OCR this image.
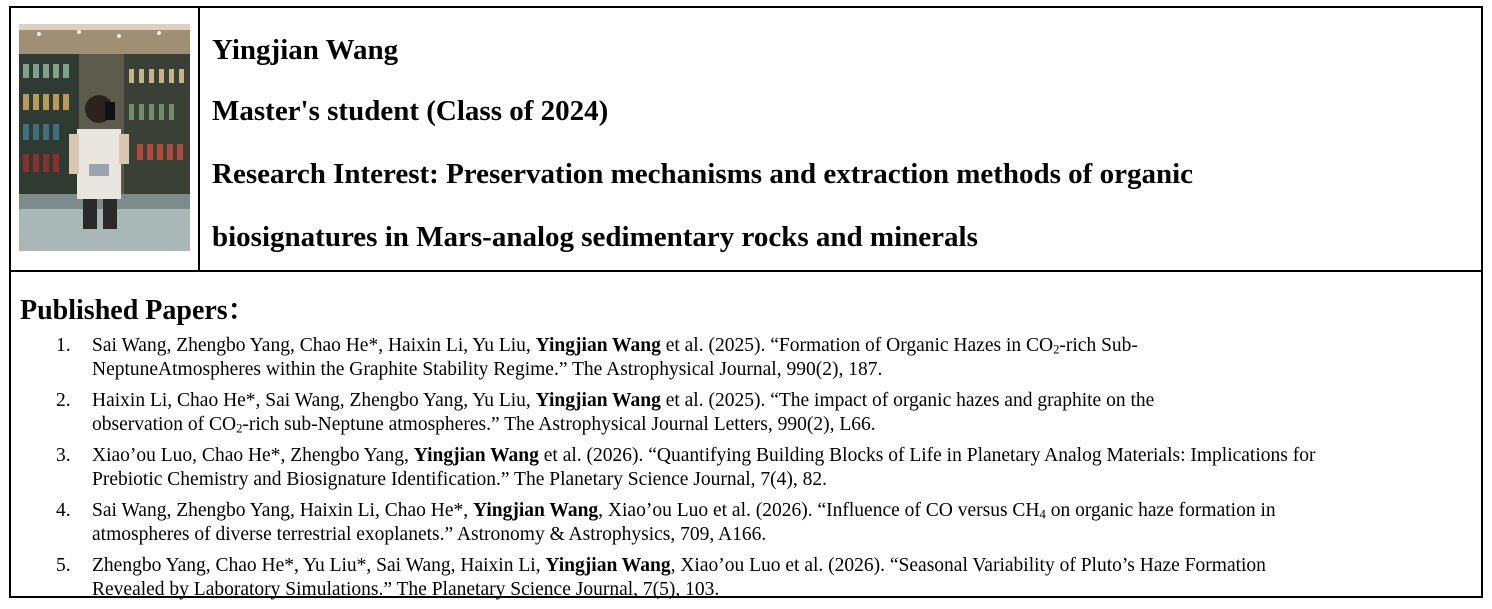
Yingjian Wang
Master's student (Class of 2024)
Research Interest: Preservation mechanisms and extraction methods of organic
biosignatures in Mars-analog sedimentary rocks and minerals
Published Papers：
1. Sai Wang, Zhengbo Yang, Chao He*, Haixin Li, Yu Liu, Yingjian Wang et al. (2025). “Formation of Organic Hazes in $CO_2$-rich Sub-
NeptuneAtmospheres within the Graphite Stability Regime.” The Astrophysical Journal, 990(2), 187.
2. Haixin Li, Chao He*, Sai Wang, Zhengbo Yang, Yu Liu, Yingjian Wang et al. (2025). “The impact of organic hazes and graphite on the
observation of $CO_2$-rich sub-Neptune atmospheres.” The Astrophysical Journal Letters, 990(2), L66.
3. Xiao’ou Luo, Chao He*, Zhengbo Yang, Yingjian Wang et al. (2026). “Quantifying Building Blocks of Life in Planetary Analog Materials: Implications for
Prebiotic Chemistry and Biosignature Identification.” The Planetary Science Journal, 7(4), 82.
4. Sai Wang, Zhengbo Yang, Haixin Li, Chao He*, Yingjian Wang, Xiao’ou Luo et al. (2026). “Influence of CO versus $CH_4$ on organic haze formation in
atmospheres of diverse terrestrial exoplanets.” Astronomy & Astrophysics, 709, A166.
5. Zhengbo Yang, Chao He*, Yu Liu*, Sai Wang, Haixin Li, Yingjian Wang, Xiao’ou Luo et al. (2026). “Seasonal Variability of Pluto’s Haze Formation
Revealed by Laboratory Simulations.” The Planetary Science Journal, 7(5), 103.
